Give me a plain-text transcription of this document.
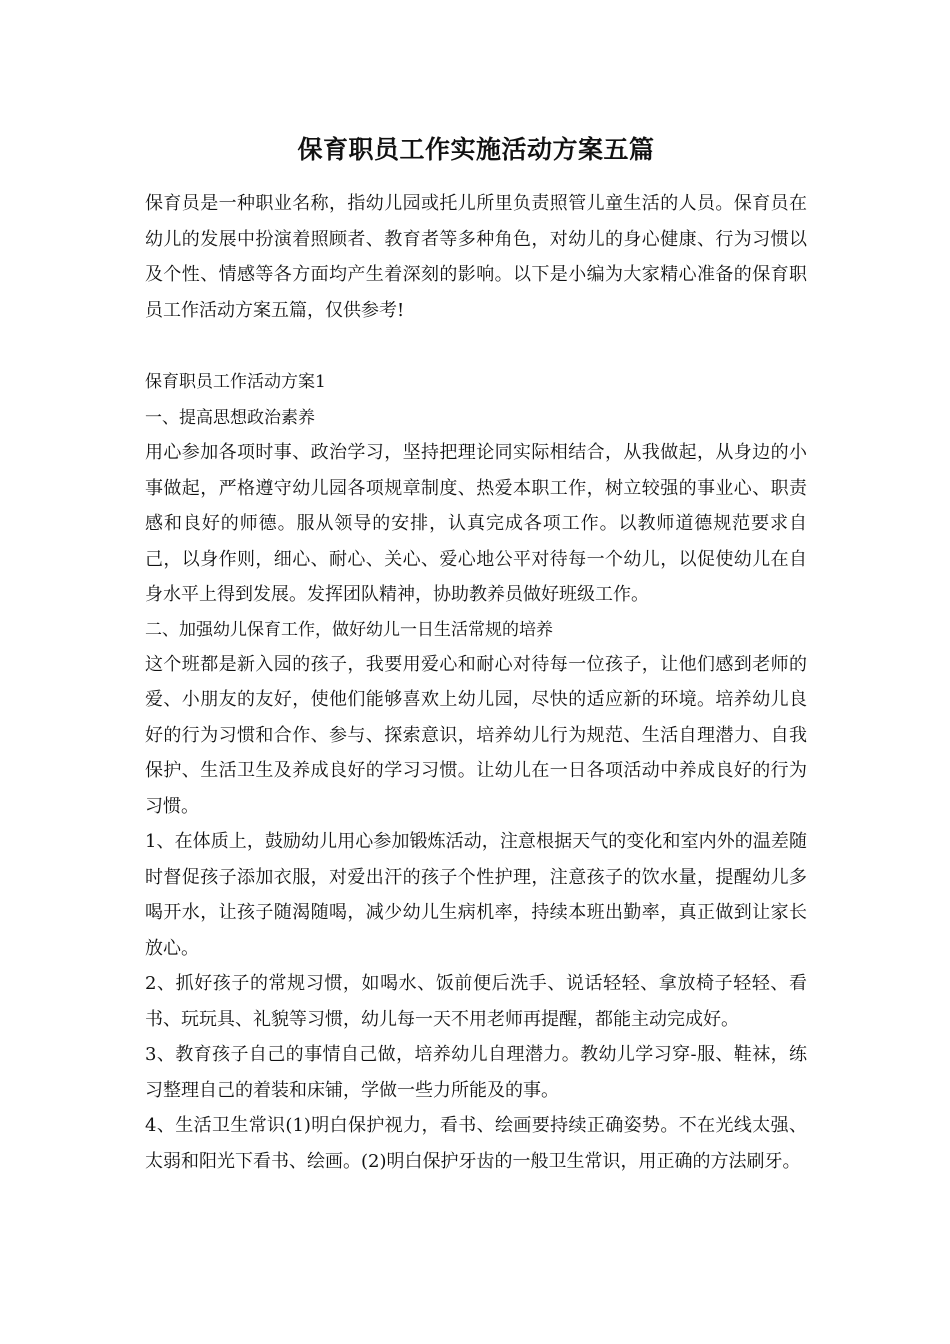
保育职员工作实施活动方案五篇

保育员是一种职业名称，指幼儿园或托儿所里负责照管儿童生活的人员。保育员在幼儿的发展中扮演着照顾者、教育者等多种角色，对幼儿的身心健康、行为习惯以及个性、情感等各方面均产生着深刻的影响。以下是小编为大家精心准备的保育职员工作活动方案五篇，仅供参考!

保育职员工作活动方案1

一、提高思想政治素养

用心参加各项时事、政治学习，坚持把理论同实际相结合，从我做起，从身边的小事做起，严格遵守幼儿园各项规章制度、热爱本职工作，树立较强的事业心、职责感和良好的师德。服从领导的安排，认真完成各项工作。以教师道德规范要求自己，以身作则，细心、耐心、关心、爱心地公平对待每一个幼儿，以促使幼儿在自身水平上得到发展。发挥团队精神，协助教养员做好班级工作。

二、加强幼儿保育工作，做好幼儿一日生活常规的培养

这个班都是新入园的孩子，我要用爱心和耐心对待每一位孩子，让他们感到老师的爱、小朋友的友好，使他们能够喜欢上幼儿园，尽快的适应新的环境。培养幼儿良好的行为习惯和合作、参与、探索意识，培养幼儿行为规范、生活自理潜力、自我保护、生活卫生及养成良好的学习习惯。让幼儿在一日各项活动中养成良好的行为习惯。

1、在体质上，鼓励幼儿用心参加锻炼活动，注意根据天气的变化和室内外的温差随时督促孩子添加衣服，对爱出汗的孩子个性护理，注意孩子的饮水量，提醒幼儿多喝开水，让孩子随渴随喝，减少幼儿生病机率，持续本班出勤率，真正做到让家长放心。

2、抓好孩子的常规习惯，如喝水、饭前便后洗手、说话轻轻、拿放椅子轻轻、看书、玩玩具、礼貌等习惯，幼儿每一天不用老师再提醒，都能主动完成好。

3、教育孩子自己的事情自己做，培养幼儿自理潜力。教幼儿学习穿-服、鞋袜，练习整理自己的着装和床铺，学做一些力所能及的事。

4、生活卫生常识(1)明白保护视力，看书、绘画要持续正确姿势。不在光线太强、太弱和阳光下看书、绘画。(2)明白保护牙齿的一般卫生常识，用正确的方法刷牙。
